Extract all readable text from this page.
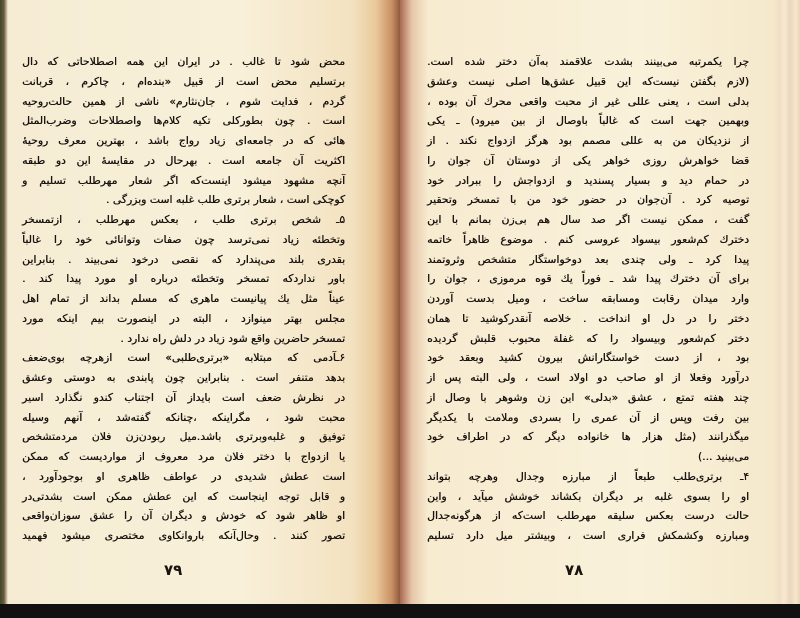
محض شود تا غالب . در ایران این همه اصطلاحاتی که دال
برتسلیم محض است از قبیل «بنده‌ام ، چاکرم ، قربانت
گردم ، فدایت شوم ، جان‌نثارم» ناشی از همین حالت‌روحیه
است . چون بطورکلی تکیه کلام‌ها واصطلاحات وضرب‌المثل
هائی که در جامعه‌ای زیاد رواج باشد ، بهترین معرف روحیهٔ
اکثریت آن جامعه است . بهرحال در مقایسهٔ این دو طبقه
آنچه مشهود میشود اینست‌که اگر شعار مهرطلب تسلیم و
کوچکی است ، شعار برتری طلب غلبه است وبزرگی .
۵ـ شخص برتری طلب ، بعکس مهرطلب ، ازتمسخر
وتخطئه زیاد نمی‌ترسد چون صفات وتوانائی خود را غالباً
بقدری بلند می‌پندارد که نقصی درخود نمی‌بیند . بنابراین
باور نداردکه تمسخر وتخطئه درباره او مورد پیدا کند .
عیناً مثل یك پیانیست ماهری که مسلم بداند از تمام اهل
مجلس بهتر مینوازد ، البته در اینصورت بیم اینکه مورد
تمسخر حاضرین واقع شود زیاد در دلش راه ندارد .
۶ـآدمی که مبتلابه «برتری‌طلبی» است ازهرچه بوی‌ضعف
بدهد متنفر است . بنابراین چون پابندی به دوستی وعشق
در نظرش ضعف است بایداز آن اجتناب کندو نگذارد اسیر
محبت شود ، مگراینکه ،چنانکه گفته‌شد ، آنهم وسیله
توفیق و غلبه‌وبرتری باشد.میل ربودن‌زن فلان مردمتشخص
یا ازدواج با دختر فلان مرد معروف از مواردیست که ممکن
است عطش شدیدی در عواطف ظاهری او بوجودآورد ،
و قابل توجه اینجاست که این عطش ممکن است بشدتی‌در
او ظاهر شود که خودش و دیگران آن را عشق سوزان‌واقعی
تصور کنند . وحال‌آنکه باروانکاوی مختصری میشود فهمید
۷۹
چرا یکمرتبه می‌بینند بشدت علاقمند به‌آن دختر شده است.
(لازم بگفتن نیست‌که این قبیل عشق‌ها اصلی نیست وعشق
بدلی است ، یعنی عللی غیر از محبت واقعی محرك آن بوده ،
وبهمین جهت است که غالباً باوصال از بین میرود) ـ یکی
از نزدیکان من به عللی مصمم بود هرگز ازدواج نکند . از
قضا خواهرش روزی خواهر یکی از دوستان آن جوان را
در حمام دید و بسیار پسندید و ازدواجش را ببرادر خود
توصیه کرد . آن‌جوان در حضور خود من با تمسخر وتحقیر
گفت ، ممکن نیست اگر صد سال هم بی‌زن بمانم با این
دخترك کم‌شعور بیسواد عروسی کنم . موضوع ظاهراً خاتمه
پیدا کرد ـ ولی چندی بعد دوخواستگار متشخص وثروتمند
برای آن دخترك پیدا شد ـ فوراً یك قوه مرموزی ، جوان را
وارد میدان رقابت ومسابقه ساخت ، ومیل بدست آوردن
دختر را در دل او انداخت . خلاصه آنقدرکوشید تا همان
دختر کم‌شعور وبیسواد را که غفلة محبوب قلبش گردیده
بود ، از دست خواستگارانش بیرون کشید وبعقد خود
درآورد وفعلا از او صاحب دو اولاد است ، ولی البته پس از
چند هفته تمتع ، عشق «بدلی» این زن وشوهر با وصال از
بین رفت وپس از آن عمری را بسردی وملامت با یکدیگر
میگذرانند (مثل هزار ها خانواده دیگر که در اطراف خود
می‌بینید ...)
۴ـ برتری‌طلب طبعاً از مبارزه وجدال وهرچه بتواند
او را بسوی غلبه بر دیگران بکشاند خوشش میآید ، واین
حالت درست بعکس سلیقه مهرطلب است‌که از هرگونه‌جدال
ومبارزه وکشمکش فراری است ، وبیشتر میل دارد تسلیم
۷۸
